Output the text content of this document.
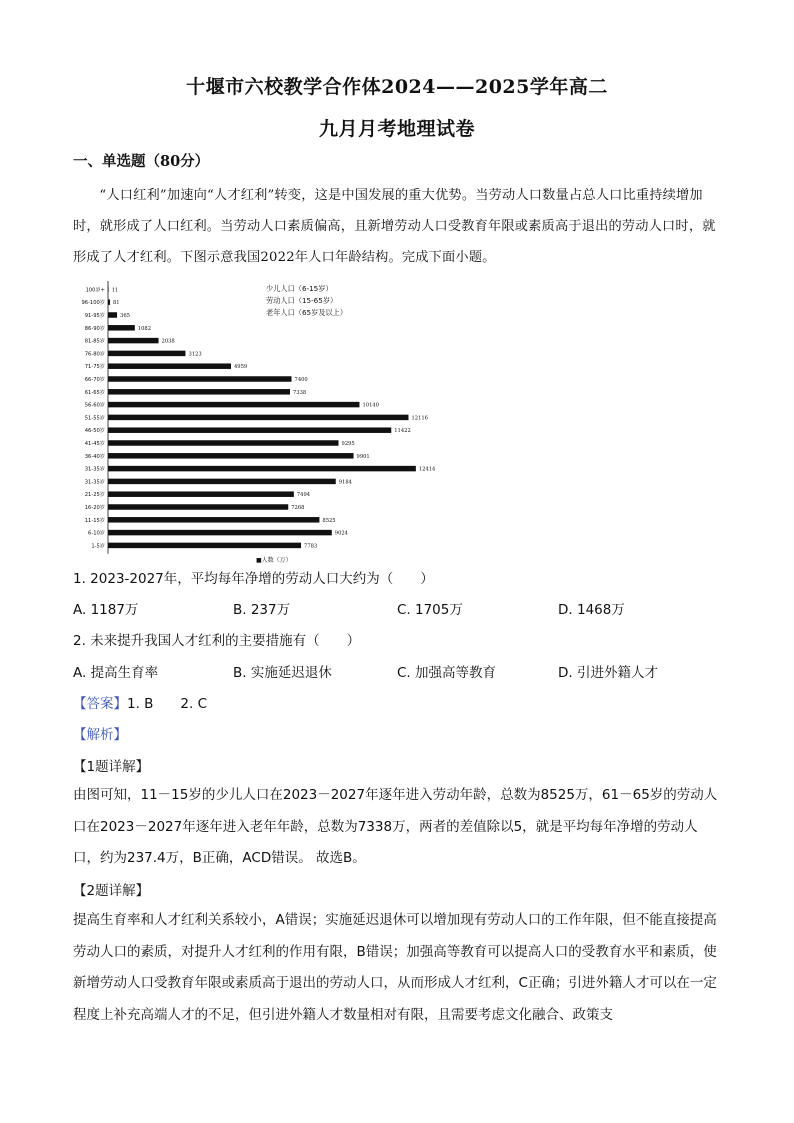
十堰市六校教学合作体2024——2025学年高二
九月月考地理试卷
一、单选题（80分）
“人口红利”加速向“人才红利”转变，这是中国发展的重大优势。当劳动人口数量占总人口比重持续增加时，就形成了人口红利。当劳动人口素质偏高，且新增劳动人口受教育年限或素质高于退出的劳动人口时，就形成了人才红利。下图示意我国2022年人口年龄结构。完成下面小题。
100岁+ 11
96-100岁 81
91-95岁	365
86-90岁	1082
81-85岁	2038
76-80岁	3123
71-75岁	4959
66-70岁	7400
61-65岁	7338
56-60岁	10140
51-55岁	12116
46-50岁	11422
41-45岁	9295
36-40岁	9901
31-35岁	12414
31-35岁	9184
21-25岁	7494
16-20岁	7268
11-15岁	8525
6-10岁	9024
1-5岁	7783
少儿人口（6-15岁）
劳动人口（15-65岁）
老年人口（65岁及以上）
■人数（万）
1. 2023-2027年，平均每年净增的劳动人口大约为（　　）
A. 1187万	B. 237万	C. 1705万	D. 1468万
2. 未来提升我国人才红利的主要措施有（　　）
A. 提高生育率	B. 实施延迟退休	C. 加强高等教育	D. 引进外籍人才
【答案】1. B　　2. C
【解析】
【1题详解】
由图可知，11－15岁的少儿人口在2023－2027年逐年进入劳动年龄，总数为8525万，61－65岁的劳动人口在2023－2027年逐年进入老年年龄，总数为7338万，两者的差值除以5，就是平均每年净增的劳动人口，约为237.4万，B正确，ACD错误。 故选B。
【2题详解】
提高生育率和人才红利关系较小，A错误；实施延迟退休可以增加现有劳动人口的工作年限，但不能直接提高劳动人口的素质，对提升人才红利的作用有限，B错误；加强高等教育可以提高人口的受教育水平和素质，使新增劳动人口受教育年限或素质高于退出的劳动人口，从而形成人才红利，C正确；引进外籍人才可以在一定程度上补充高端人才的不足，但引进外籍人才数量相对有限，且需要考虑文化融合、政策支
